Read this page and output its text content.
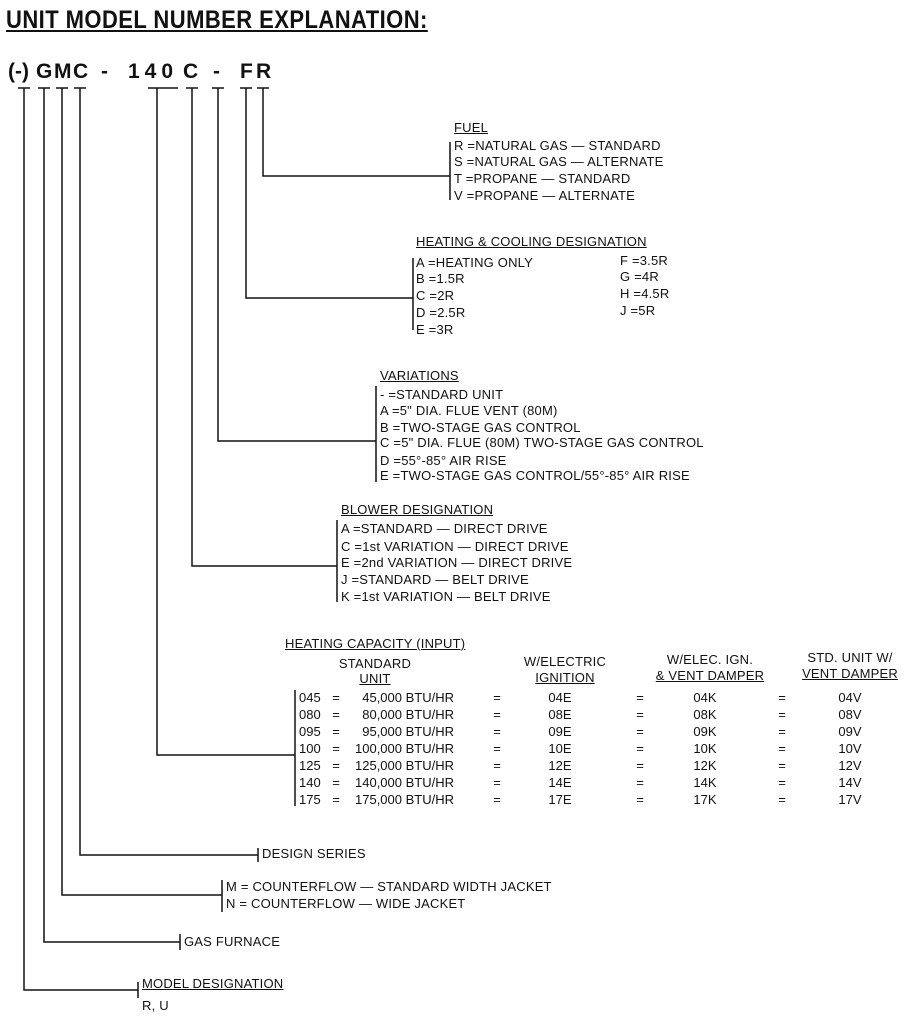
UNIT MODEL NUMBER EXPLANATION:
(-) G M C - 140 C - F R
FUEL
R =NATURAL GAS — STANDARD
S =NATURAL GAS — ALTERNATE
T =PROPANE — STANDARD
V =PROPANE — ALTERNATE
HEATING & COOLING DESIGNATION
A =HEATING ONLY
B =1.5R
C =2R
D =2.5R
E =3R
F =3.5R
G =4R
H =4.5R
J =5R
VARIATIONS
- =STANDARD UNIT
A =5" DIA. FLUE VENT (80M)
B =TWO-STAGE GAS CONTROL
C =5" DIA. FLUE (80M) TWO-STAGE GAS CONTROL
D =55°-85° AIR RISE
E =TWO-STAGE GAS CONTROL/55°-85° AIR RISE
BLOWER DESIGNATION
A =STANDARD — DIRECT DRIVE
C =1st VARIATION — DIRECT DRIVE
E =2nd VARIATION — DIRECT DRIVE
J =STANDARD — BELT DRIVE
K =1st VARIATION — BELT DRIVE
HEATING CAPACITY (INPUT)
STANDARD
UNIT
W/ELECTRIC
IGNITION
W/ELEC. IGN.
& VENT DAMPER
STD. UNIT W/
VENT DAMPER
045 =	45,000 BTU/HR	=	04E	=	04K	=	04V
080 =	80,000 BTU/HR	=	08E	=	08K	=	08V
095 =	95,000 BTU/HR	=	09E	=	09K	=	09V
100 =	100,000 BTU/HR	=	10E	=	10K	=	10V
125 =	125,000 BTU/HR	=	12E	=	12K	=	12V
140 =	140,000 BTU/HR	=	14E	=	14K	=	14V
175 =	175,000 BTU/HR	=	17E	=	17K	=	17V
DESIGN SERIES
M = COUNTERFLOW — STANDARD WIDTH JACKET
N = COUNTERFLOW — WIDE JACKET
GAS FURNACE
MODEL DESIGNATION
R, U
